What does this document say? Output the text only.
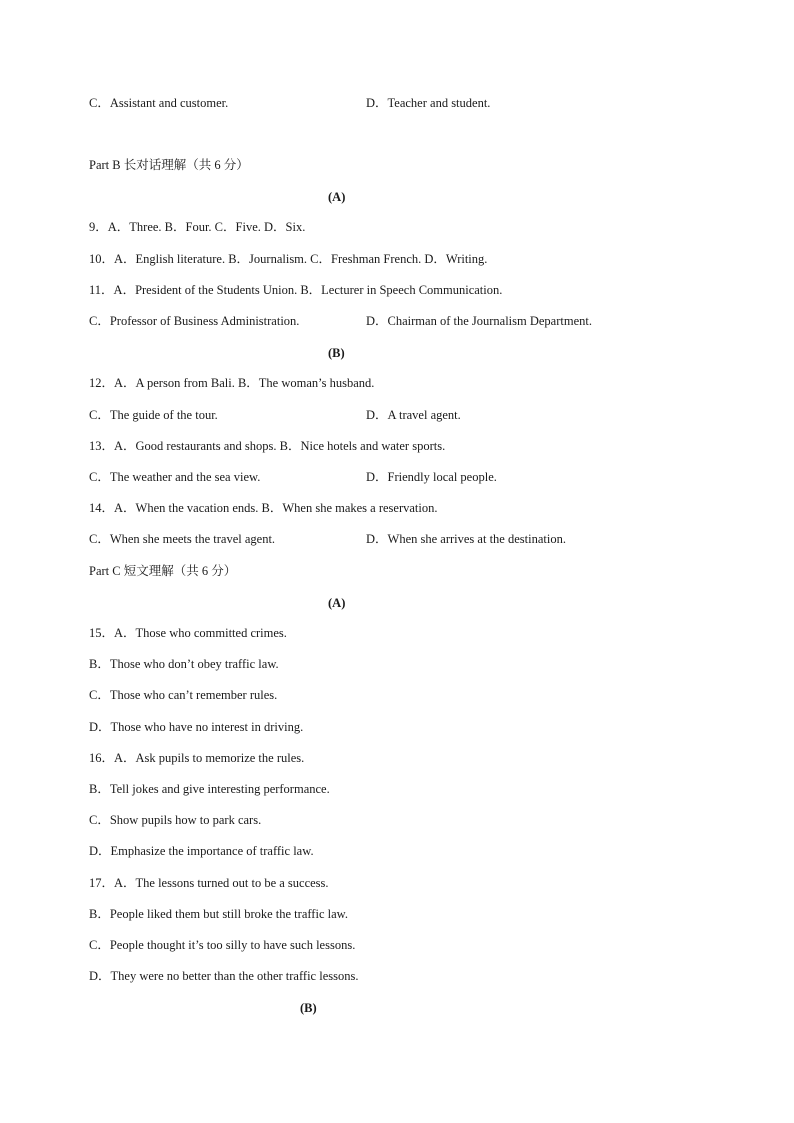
C．Assistant and customer.	D．Teacher and student.
Part B 长对话理解（共 6 分）
(A)
9．A．Three. B．Four. C．Five. D．Six.
10．A．English literature. B．Journalism. C．Freshman French. D．Writing.
11．A．President of the Students Union. B．Lecturer in Speech Communication.
C．Professor of Business Administration.	D．Chairman of the Journalism Department.
(B)
12．A．A person from Bali. B．The woman’s husband.
C．The guide of the tour.	D．A travel agent.
13．A．Good restaurants and shops. B．Nice hotels and water sports.
C．The weather and the sea view.	D．Friendly local people.
14．A．When the vacation ends. B．When she makes a reservation.
C．When she meets the travel agent.	D．When she arrives at the destination.
Part C 短文理解（共 6 分）
(A)
15．A．Those who committed crimes.
B．Those who don’t obey traffic law.
C．Those who can’t remember rules.
D．Those who have no interest in driving.
16．A．Ask pupils to memorize the rules.
B．Tell jokes and give interesting performance.
C．Show pupils how to park cars.
D．Emphasize the importance of traffic law.
17．A．The lessons turned out to be a success.
B．People liked them but still broke the traffic law.
C．People thought it’s too silly to have such lessons.
D．They were no better than the other traffic lessons.
(B)
